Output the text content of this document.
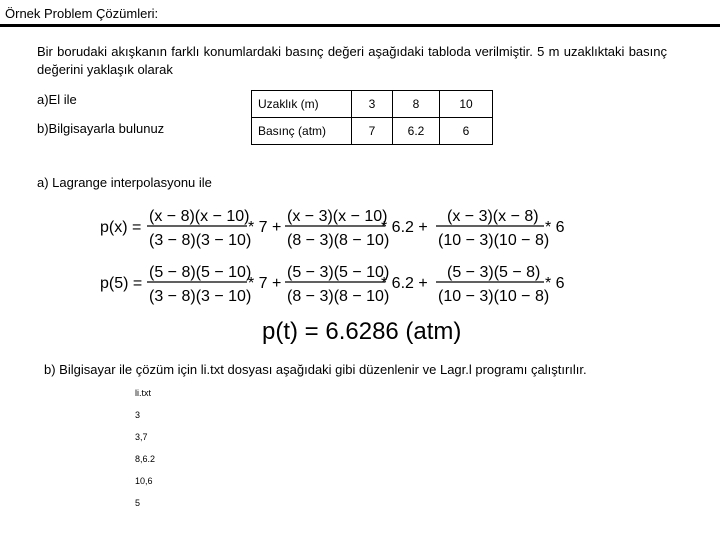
Örnek Problem Çözümleri:
Bir borudaki akışkanın farklı konumlardaki basınç değeri aşağıdaki tabloda verilmiştir. 5 m uzaklıktaki basınç değerini yaklaşık olarak
a)El ile
b)Bilgisayarla bulunuz
Uzaklık (m)	3	8	10
Basınç (atm)	7	6.2	6
a) Lagrange interpolasyonu ile
p(x) =
(x − 8)(x − 10)
(3 − 8)(3 − 10)
* 7 +
(x − 3)(x − 10)
(8 − 3)(8 − 10)
* 6.2 +
(x − 3)(x − 8)
(10 − 3)(10 − 8)
* 6
p(5) =
(5 − 8)(5 − 10)
(3 − 8)(3 − 10)
* 7 +
(5 − 3)(5 − 10)
(8 − 3)(8 − 10)
* 6.2 +
(5 − 3)(5 − 8)
(10 − 3)(10 − 8)
* 6
p(t) = 6.6286 (atm)
b) Bilgisayar ile çözüm için li.txt dosyası aşağıdaki gibi düzenlenir ve Lagr.l programı çalıştırılır.
li.txt
3
3,7
8,6.2
10,6
5
